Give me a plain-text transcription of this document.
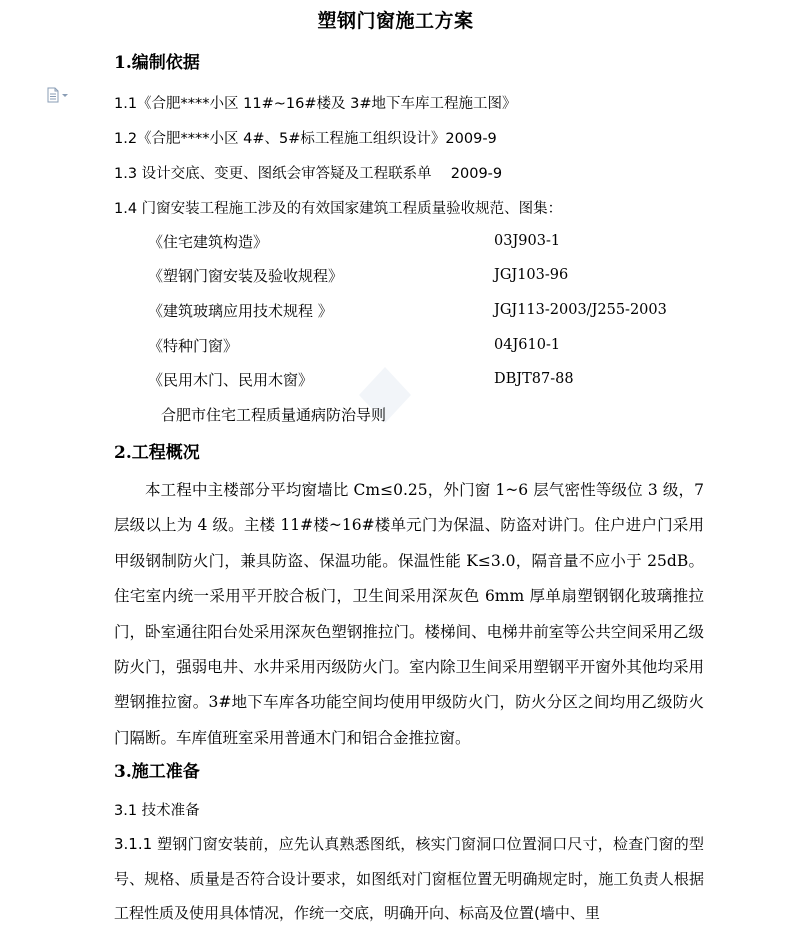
塑钢门窗施工方案
1.编制依据
1.1《合肥****小区 11#~16#楼及 3#地下车库工程施工图》
1.2《合肥****小区 4#、5#标工程施工组织设计》2009-9
1.3 设计交底、变更、图纸会审答疑及工程联系单　 2009-9
1.4 门窗安装工程施工涉及的有效国家建筑工程质量验收规范、图集：
《住宅建筑构造》	03J903-1
《塑钢门窗安装及验收规程》	JGJ103-96
《建筑玻璃应用技术规程 》	JGJ113-2003/J255-2003
《特种门窗》	04J610-1
《民用木门、民用木窗》	DBJT87-88
合肥市住宅工程质量通病防治导则
2.工程概况
本工程中主楼部分平均窗墙比 Cm≤0.25，外门窗 1~6 层气密性等级位 3 级，7 层级以上为 4 级。主楼 11#楼~16#楼单元门为保温、防盗对讲门。住户进户门采用甲级钢制防火门，兼具防盗、保温功能。保温性能 K≤3.0，隔音量不应小于 25dB。住宅室内统一采用平开胶合板门，卫生间采用深灰色 6mm 厚单扇塑钢钢化玻璃推拉门，卧室通往阳台处采用深灰色塑钢推拉门。楼梯间、电梯井前室等公共空间采用乙级防火门，强弱电井、水井采用丙级防火门。室内除卫生间采用塑钢平开窗外其他均采用塑钢推拉窗。3#地下车库各功能空间均使用甲级防火门，防火分区之间均用乙级防火门隔断。车库值班室采用普通木门和铝合金推拉窗。
3.施工准备
3.1 技术准备
3.1.1 塑钢门窗安装前，应先认真熟悉图纸，核实门窗洞口位置洞口尺寸，检查门窗的型号、规格、质量是否符合设计要求，如图纸对门窗框位置无明确规定时，施工负责人根据工程性质及使用具体情况，作统一交底，明确开向、标高及位置(墙中、里
